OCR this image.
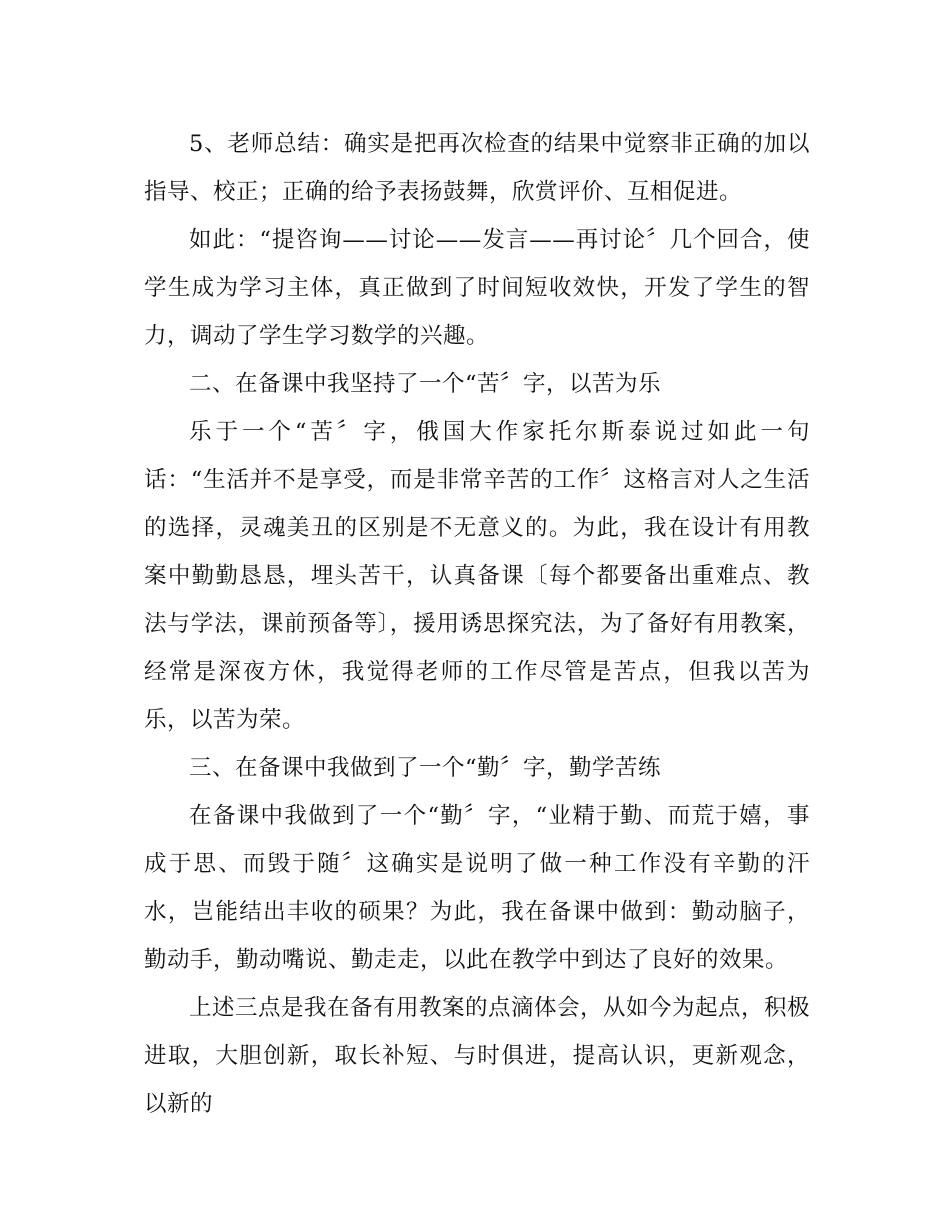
5、老师总结：确实是把再次检查的结果中觉察非正确的加以指导、校正；正确的给予表扬鼓舞，欣赏评价、互相促进。

如此：“提咨询——讨论——发言——再讨论〞几个回合，使学生成为学习主体，真正做到了时间短收效快，开发了学生的智力，调动了学生学习数学的兴趣。

二、在备课中我坚持了一个“苦〞字，以苦为乐

乐于一个“苦〞字，俄国大作家托尔斯泰说过如此一句话：“生活并不是享受，而是非常辛苦的工作〞这格言对人之生活的选择，灵魂美丑的区别是不无意义的。为此，我在设计有用教案中勤勤恳恳，埋头苦干，认真备课〔每个都要备出重难点、教法与学法，课前预备等〕，援用诱思探究法，为了备好有用教案，经常是深夜方休，我觉得老师的工作尽管是苦点，但我以苦为乐，以苦为荣。

三、在备课中我做到了一个“勤〞字，勤学苦练

在备课中我做到了一个“勤〞字，“业精于勤、而荒于嬉，事成于思、而毁于随〞这确实是说明了做一种工作没有辛勤的汗水，岂能结出丰收的硕果？为此，我在备课中做到：勤动脑子，勤动手，勤动嘴说、勤走走，以此在教学中到达了良好的效果。

上述三点是我在备有用教案的点滴体会，从如今为起点，积极进取，大胆创新，取长补短、与时俱进，提高认识，更新观念，以新的
